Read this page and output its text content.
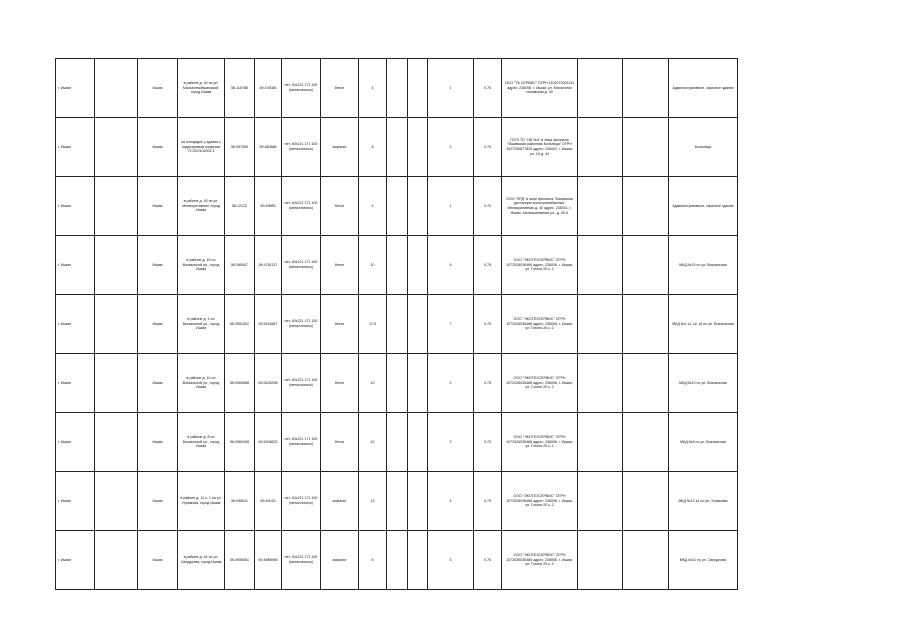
г. Ишим		Ишим	в районе д. 40 по ул. Малыгина/Ишимской, город Ишим	56.110788	69.476085	нет, 40х221 171 100 (металлическ)	бетон	4			1	0.75	ООО "УК СЕРВИС" ОГРН 1102072001141 адрес: 236006, г. Ишим, ул. Малыгина/Ишимская д. 40			Административное, офисное здание
г. Ишим		Ишим	на площадке у здания с кадастровым номером 72:25:0102002:1	56.097595	69.480888	нет, 40х221 171 100 (металлическ)	асфальт	8			2	0.75	ГБУЗ ТО "ОБ №4" в лице филиала "Ишимская районная больница" ОГРН 1027200877825 адрес: 236002, г. Ишим, ул. 19 д. 44			Больница
г. Ишим		Ишим	в районе д. 40 по ул. Мелиоративная, город Ишим	56.12123	69.49865	нет, 40х221 171 100 (металлическ)	бетон	4			1	0.75	ООО "ЛРД" в лице филиала "Ишимская дистанция электроснабжения" Мелиоративная д. 40 адрес: 236011, г. Ишим, Мелиоративная ул., д. 40 А			Административное, офисное здание
г. Ишим		Ишим	в районе д. 15 по Вокзальной ул., город Ишим	56.095447	69.4761117	нет, 40х221 171 100 (металлическ)	бетон	10			6	0.75	ООО "ЭКОТЕХСЕРВИС" ОГРН 1072026036466 адрес: 236006, г. Ишим, ул. Гоголя 20 к. 2			МКД №15 по ул. Вокзальная
г. Ишим		Ишим	в районе д. 1 по Вокзальной ул., город Ишим	56.0951502	69.5116887	нет, 40х221 171 100 (металлическ)	бетон	17.5			7	0.75	ООО "ЭКОТЕХСЕРВИС" ОГРН 1072026036466 адрес: 236006, г. Ишим, ул. Гоголя 20 к. 2			МКД №1 к1, к2, к3 по ул. Вокзальная
г. Ишим		Ишим	в районе д. 10 по Вокзальной ул., город Ишим	56.0960568	69.5105298	нет, 40х221 171 100 (металлическ)	бетон	10			2	0.75	ООО "ЭКОТЕХСЕРВИС" ОГРН 1072026036466 адрес: 236006, г. Ишим, ул. Гоголя 20 к. 2			МКД №10 по ул. Вокзальная
г. Ишим		Ишим	в районе д. 8 по Вокзальной ул., город Ишим	56.0960498	69.5108633	нет, 40х221 171 100 (металлическ)	бетон	10			3	0.75	ООО "ЭКОТЕХСЕРВИС" ОГРН 1072026036466 адрес: 236006, г. Ишим, ул. Гоголя 20 к. 2			МКД №8 по ул. Вокзальная
г. Ишим		Ишим	в районе д. 12 к. 1 по ул. Угрюмова, город Ишим	56.095611	69.49015	нет, 40х221 171 100 (металлическ)	асфальт	12			4	0.75	ООО "ЭКОТЕХСЕРВИС" ОГРН 1072026036466 адрес: 236006, г. Ишим, ул. Гоголя 20 к. 2			МКД №12 к1 по ул. Угрюмова
г. Ишим		Ишим	в районе д. 41 по ул. Свердлова, город Ишим	56.0956061	69.4988996	нет, 40х221 171 100 (металлическ)	асфальт	8			3	0.75	ООО "ЭКОТЕХСЕРВИС" ОГРН 1072026036466 адрес: 236006, г. Ишим, ул. Гоголя 20 к. 2			МКД №41 по ул. Свердлова
